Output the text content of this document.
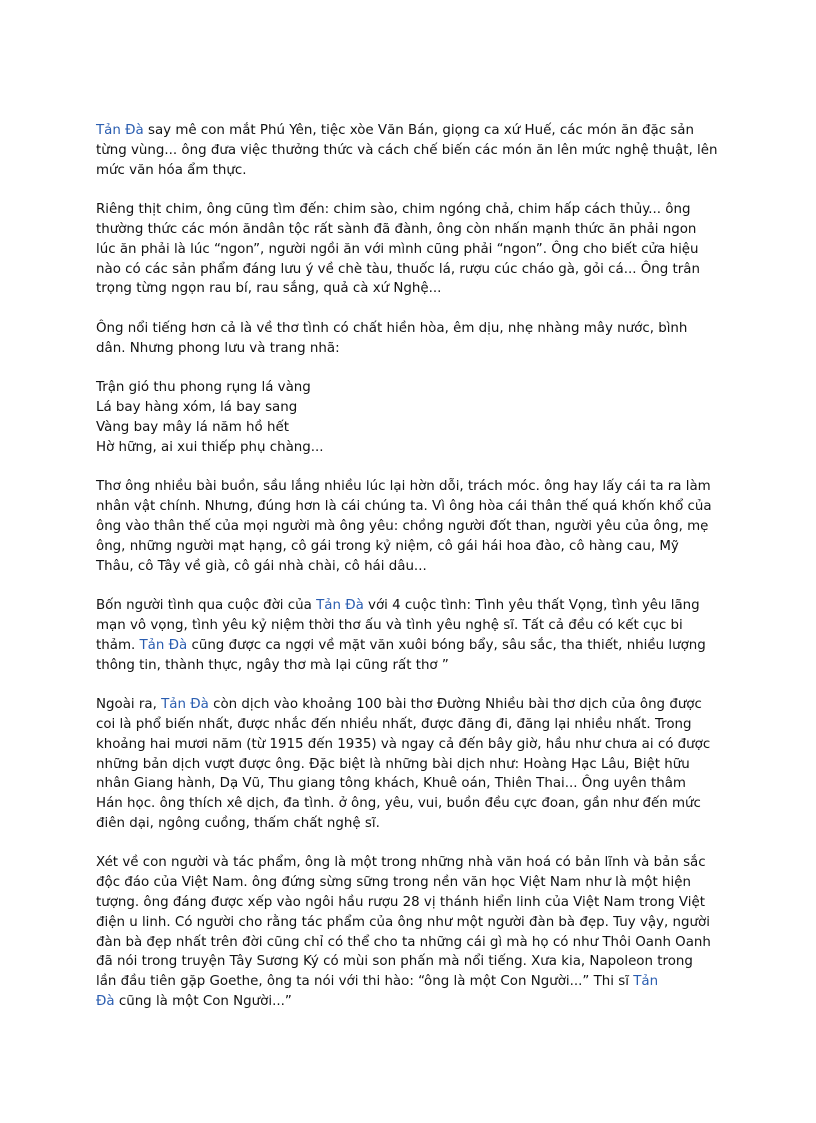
Tản Đà say mê con mắt Phú Yên, tiệc xòe Văn Bán, giọng ca xứ Huế, các món ăn đặc sản
từng vùng... ông đưa việc thưởng thức và cách chế biến các món ăn lên mức nghệ thuật, lên
mức văn hóa ẩm thực.
Riêng thịt chim, ông cũng tìm đến: chim sào, chim ngóng chả, chim hấp cách thủy... ông
thường thức các món ăndân tộc rất sành đã đành, ông còn nhấn mạnh thức ăn phải ngon
lúc ăn phải là lúc “ngon”, người ngồi ăn với mình cũng phải “ngon”. Ông cho biết cửa hiệu
nào có các sản phẩm đáng lưu ý về chè tàu, thuốc lá, rượu cúc cháo gà, gỏi cá... Ông trân
trọng từng ngọn rau bí, rau sắng, quả cà xứ Nghệ...
Ông nổi tiếng hơn cả là về thơ tình có chất hiền hòa, êm dịu, nhẹ nhàng mây nước, bình
dân. Nhưng phong lưu và trang nhã:
Trận gió thu phong rụng lá vàng
Lá bay hàng xóm, lá bay sang
Vàng bay mây lá năm hồ hết
Hờ hững, ai xui thiếp phụ chàng...
Thơ ông nhiều bài buồn, sầu lắng nhiều lúc lại hờn dỗi, trách móc. ông hay lấy cái ta ra làm
nhân vật chính. Nhưng, đúng hơn là cái chúng ta. Vì ông hòa cái thân thế quá khốn khổ của
ông vào thân thế của mọi người mà ông yêu: chồng người đốt than, người yêu của ông, mẹ
ông, những người mạt hạng, cô gái trong kỷ niệm, cô gái hái hoa đào, cô hàng cau, Mỹ
Thâu, cô Tây về già, cô gái nhà chài, cô hái dâu...
Bốn người tình qua cuộc đời của Tản Đà với 4 cuộc tình: Tình yêu thất Vọng, tình yêu lãng
mạn vô vọng, tình yêu kỷ niệm thời thơ ấu và tình yêu nghệ sĩ. Tất cả đều có kết cục bi
thảm. Tản Đà cũng được ca ngợi về mặt văn xuôi bóng bẩy, sâu sắc, tha thiết, nhiều lượng
thông tin, thành thực, ngây thơ mà lại cũng rất thơ ”
Ngoài ra, Tản Đà còn dịch vào khoảng 100 bài thơ Đường Nhiều bài thơ dịch của ông được
coi là phổ biến nhất, được nhắc đến nhiều nhất, được đăng đi, đăng lại nhiều nhất. Trong
khoảng hai mươi năm (từ 1915 đến 1935) và ngay cả đến bây giờ, hầu như chưa ai có được
những bản dịch vượt được ông. Đặc biệt là những bài dịch như: Hoàng Hạc Lâu, Biệt hữu
nhân Giang hành, Dạ Vũ, Thu giang tông khách, Khuê oán, Thiên Thai... Ông uyên thâm
Hán học. ông thích xê dịch, đa tình. ở ông, yêu, vui, buồn đều cực đoan, gần như đến mức
điên dại, ngông cuồng, thấm chất nghệ sĩ.
Xét về con người và tác phẩm, ông là một trong những nhà văn hoá có bản lĩnh và bản sắc
độc đáo của Việt Nam. ông đứng sừng sững trong nền văn học Việt Nam như là một hiện
tượng. ông đáng được xếp vào ngôi hầu rượu 28 vị thánh hiển linh của Việt Nam trong Việt
điện u linh. Có người cho rằng tác phẩm của ông như một người đàn bà đẹp. Tuy vậy, người
đàn bà đẹp nhất trên đời cũng chỉ có thể cho ta những cái gì mà họ có như Thôi Oanh Oanh
đã nói trong truyện Tây Sương Ký có mùi son phấn mà nổi tiếng. Xưa kia, Napoleon trong
lần đầu tiên gặp Goethe, ông ta nói với thi hào: “ông là một Con Người...” Thi sĩ Tản
Đà cũng là một Con Người...”
